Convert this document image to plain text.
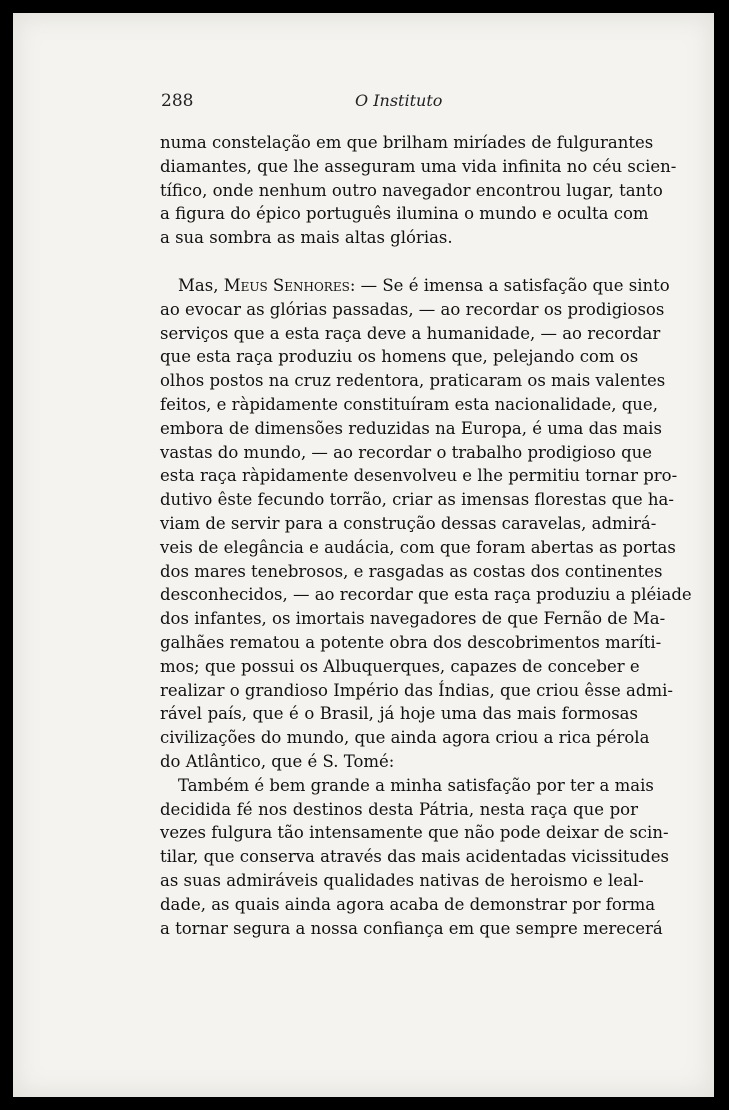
288	O Instituto
numa constelação em que brilham miríades de fulgurantes
diamantes, que lhe asseguram uma vida infinita no céu scien-
tífico, onde nenhum outro navegador encontrou lugar, tanto
a figura do épico português ilumina o mundo e oculta com
a sua sombra as mais altas glórias.
Mas, Meus Senhores: — Se é imensa a satisfação que sinto
ao evocar as glórias passadas, — ao recordar os prodigiosos
serviços que a esta raça deve a humanidade, — ao recordar
que esta raça produziu os homens que, pelejando com os
olhos postos na cruz redentora, praticaram os mais valentes
feitos, e ràpidamente constituíram esta nacionalidade, que,
embora de dimensões reduzidas na Europa, é uma das mais
vastas do mundo, — ao recordar o trabalho prodigioso que
esta raça ràpidamente desenvolveu e lhe permitiu tornar pro-
dutivo êste fecundo torrão, criar as imensas florestas que ha-
viam de servir para a construção dessas caravelas, admirá-
veis de elegância e audácia, com que foram abertas as portas
dos mares tenebrosos, e rasgadas as costas dos continentes
desconhecidos, — ao recordar que esta raça produziu a pléiade
dos infantes, os imortais navegadores de que Fernão de Ma-
galhães rematou a potente obra dos descobrimentos maríti-
mos; que possui os Albuquerques, capazes de conceber e
realizar o grandioso Império das Índias, que criou êsse admi-
rável país, que é o Brasil, já hoje uma das mais formosas
civilizações do mundo, que ainda agora criou a rica pérola
do Atlântico, que é S. Tomé:
Também é bem grande a minha satisfação por ter a mais
decidida fé nos destinos desta Pátria, nesta raça que por
vezes fulgura tão intensamente que não pode deixar de scin-
tilar, que conserva através das mais acidentadas vicissitudes
as suas admiráveis qualidades nativas de heroismo e leal-
dade, as quais ainda agora acaba de demonstrar por forma
a tornar segura a nossa confiança em que sempre merecerá
